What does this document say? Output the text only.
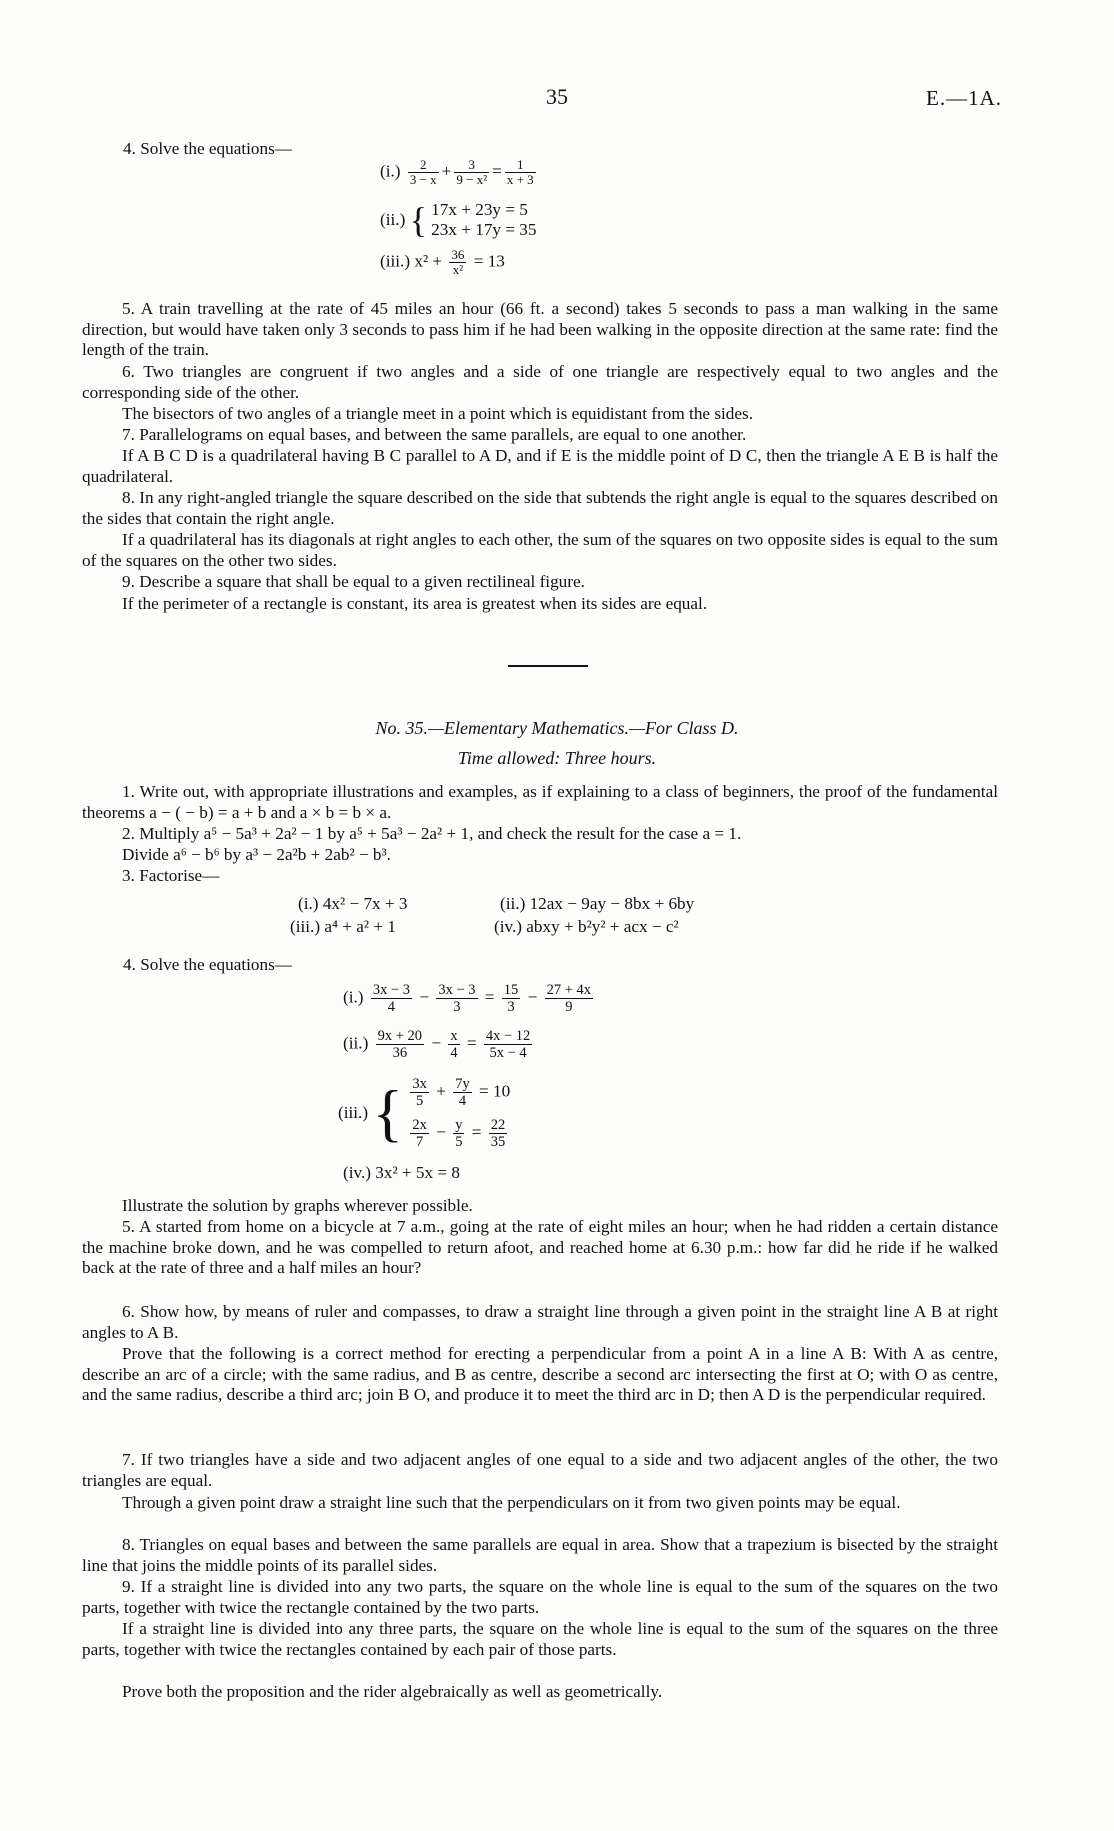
35	E.—1A.
4. Solve the equations—
$(i.) \frac{2}{3 - x} + \frac{3}{\text{9 − x²}} = \frac{1}{x + 3}$
(ii.) { 17x + 23y = 5
23x + 17y = 35
(iii.) $x^2 + \frac{36}{\text{x²}} = 13$
5. A train travelling at the rate of 45 miles an hour (66 ft. a second) takes 5 seconds to pass a man walking in the same direction, but would have taken only 3 seconds to pass him if he had been walking in the opposite direction at the same rate: find the length of the train.
6. Two triangles are congruent if two angles and a side of one triangle are respectively equal to two angles and the corresponding side of the other.
The bisectors of two angles of a triangle meet in a point which is equidistant from the sides.
7. Parallelograms on equal bases, and between the same parallels, are equal to one another.
If A B C D is a quadrilateral having B C parallel to A D, and if E is the middle point of D C, then the triangle A E B is half the quadrilateral.
8. In any right-angled triangle the square described on the side that subtends the right angle is equal to the squares described on the sides that contain the right angle.
If a quadrilateral has its diagonals at right angles to each other, the sum of the squares on two opposite sides is equal to the sum of the squares on the other two sides.
9. Describe a square that shall be equal to a given rectilineal figure.
If the perimeter of a rectangle is constant, its area is greatest when its sides are equal.
No. 35.—Elementary Mathematics.—For Class D.
Time allowed: Three hours.
1. Write out, with appropriate illustrations and examples, as if explaining to a class of beginners, the proof of the fundamental theorems a − ( − b) = a + b and a × b = b × a.
2. Multiply a⁵ − 5a³ + 2a² − 1 by a⁵ + 5a³ − 2a² + 1, and check the result for the case a = 1.
Divide a⁶ − b⁶ by a³ − 2a²b + 2ab² − b³.
3. Factorise—
(i.) 4x² − 7x + 3	(ii.) 12ax − 9ay − 8bx + 6by
(iii.) a⁴ + a² + 1	(iv.) abxy + b²y² + acx − c²
4. Solve the equations—
$(i.) \frac{3x - 3}{4} - \frac{3x - 3}{3} = \frac{15}{3} - \frac{27 + 4x}{9}$
$(ii.) \frac{9x + 20}{36} - \frac{x}{4} = \frac{4x - 12}{5x - 4}$
(iii.) { $\frac{3x}{5} + \frac{7y}{4} = 10$
$\frac{2x}{7} - \frac{y}{5} = \frac{22}{35}$
(iv.) 3x² + 5x = 8
Illustrate the solution by graphs wherever possible.
5. A started from home on a bicycle at 7 a.m., going at the rate of eight miles an hour; when he had ridden a certain distance the machine broke down, and he was compelled to return afoot, and reached home at 6.30 p.m.: how far did he ride if he walked back at the rate of three and a half miles an hour?
6. Show how, by means of ruler and compasses, to draw a straight line through a given point in the straight line A B at right angles to A B.
Prove that the following is a correct method for erecting a perpendicular from a point A in a line A B: With A as centre, describe an arc of a circle; with the same radius, and B as centre, describe a second arc intersecting the first at O; with O as centre, and the same radius, describe a third arc; join B O, and produce it to meet the third arc in D; then A D is the perpendicular required.
7. If two triangles have a side and two adjacent angles of one equal to a side and two adjacent angles of the other, the two triangles are equal.
Through a given point draw a straight line such that the perpendiculars on it from two given points may be equal.
8. Triangles on equal bases and between the same parallels are equal in area. Show that a trapezium is bisected by the straight line that joins the middle points of its parallel sides.
9. If a straight line is divided into any two parts, the square on the whole line is equal to the sum of the squares on the two parts, together with twice the rectangle contained by the two parts.
If a straight line is divided into any three parts, the square on the whole line is equal to the sum of the squares on the three parts, together with twice the rectangles contained by each pair of those parts.
Prove both the proposition and the rider algebraically as well as geometrically.
